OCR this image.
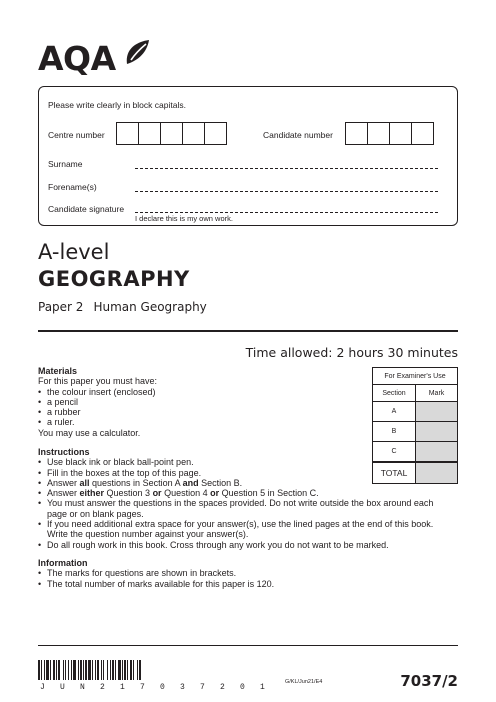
AQA
Please write clearly in block capitals.
Centre number	Candidate number
Surname
Forename(s)
Candidate signature
I declare this is my own work.
A-level
GEOGRAPHY
Paper 2 Human Geography
Time allowed: 2 hours 30 minutes
Materials
For this paper you must have:
• the colour insert (enclosed)
• a pencil
• a rubber
• a ruler.
You may use a calculator.
Instructions
• Use black ink or black ball-point pen.
• Fill in the boxes at the top of this page.
• Answer all questions in Section A and Section B.
• Answer either Question 3 or Question 4 or Question 5 in Section C.
• You must answer the questions in the spaces provided. Do not write outside the box around each
page or on blank pages.
• If you need additional extra space for your answer(s), use the lined pages at the end of this book.
Write the question number against your answer(s).
• Do all rough work in this book. Cross through any work you do not want to be marked.
Information
• The marks for questions are shown in brackets.
• The total number of marks available for this paper is 120.
For Examiner's Use
Section	Mark
A
B
C
TOTAL
J U N 2 1 7 0 3 7 2 0 1
G/KL/Jun21/E4	7037/2
